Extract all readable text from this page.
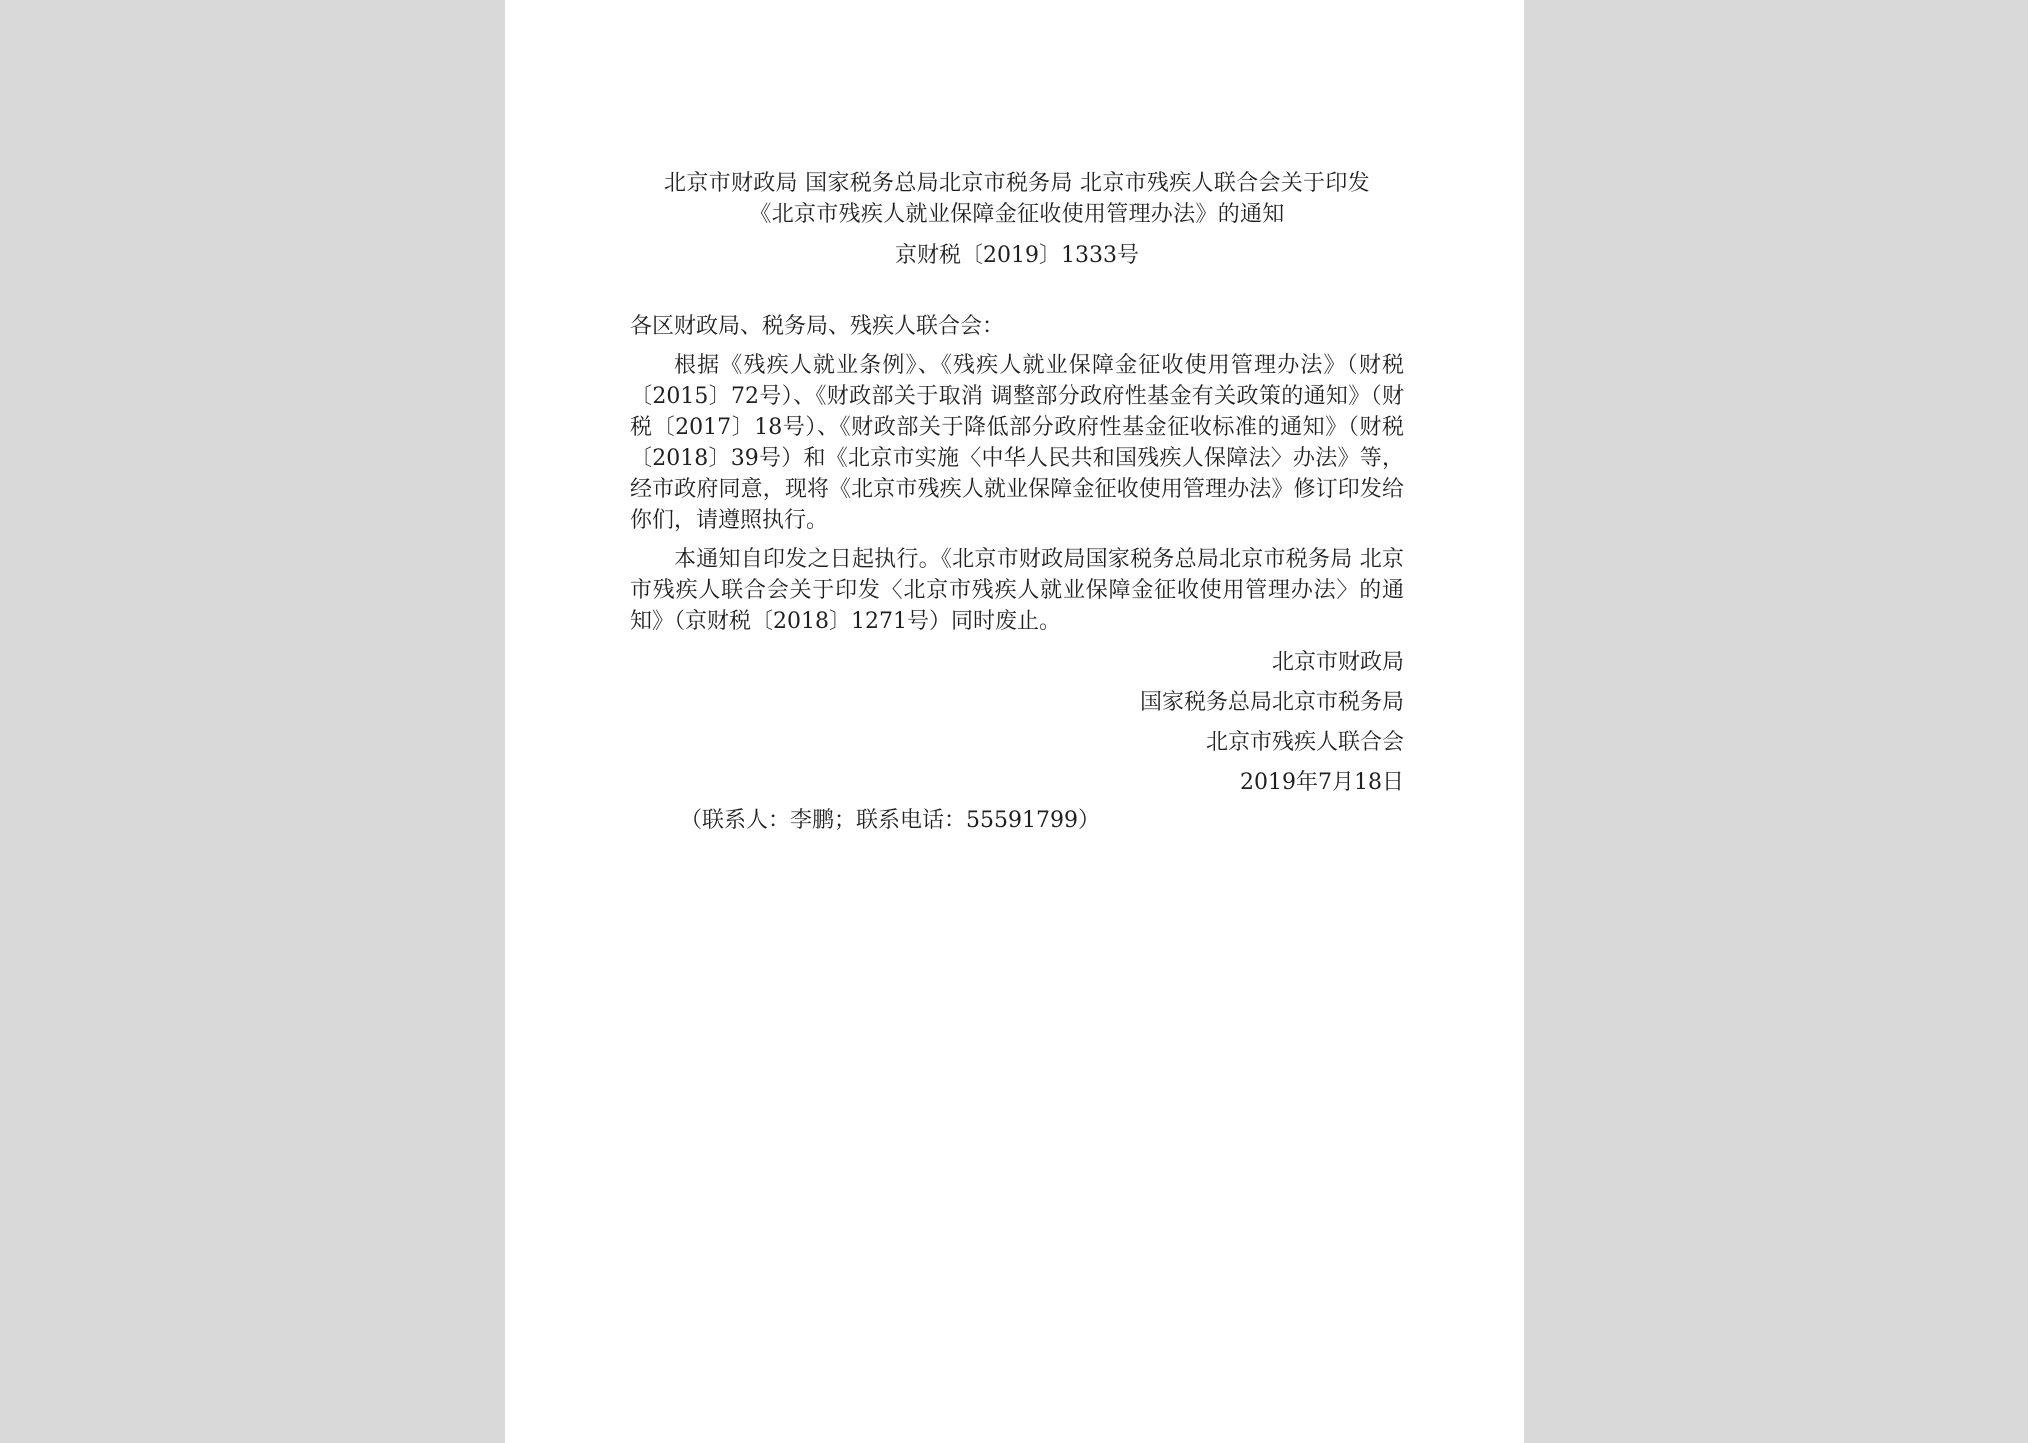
北京市财政局 国家税务总局北京市税务局 北京市残疾人联合会关于印发
《北京市残疾人就业保障金征收使用管理办法》的通知
京财税〔2019〕1333号
各区财政局、税务局、残疾人联合会：

根据《残疾人就业条例》、《残疾人就业保障金征收使用管理办法》（财税〔2015〕72号）、《财政部关于取消 调整部分政府性基金有关政策的通知》（财税〔2017〕18号）、《财政部关于降低部分政府性基金征收标准的通知》（财税〔2018〕39号）和《北京市实施〈中华人民共和国残疾人保障法〉办法》等，经市政府同意，现将《北京市残疾人就业保障金征收使用管理办法》修订印发给你们，请遵照执行。

本通知自印发之日起执行。《北京市财政局国家税务总局北京市税务局 北京市残疾人联合会关于印发〈北京市残疾人就业保障金征收使用管理办法〉的通知》（京财税〔2018〕1271号）同时废止。

北京市财政局
国家税务总局北京市税务局
北京市残疾人联合会
2019年7月18日
（联系人：李鹏；联系电话：55591799）
